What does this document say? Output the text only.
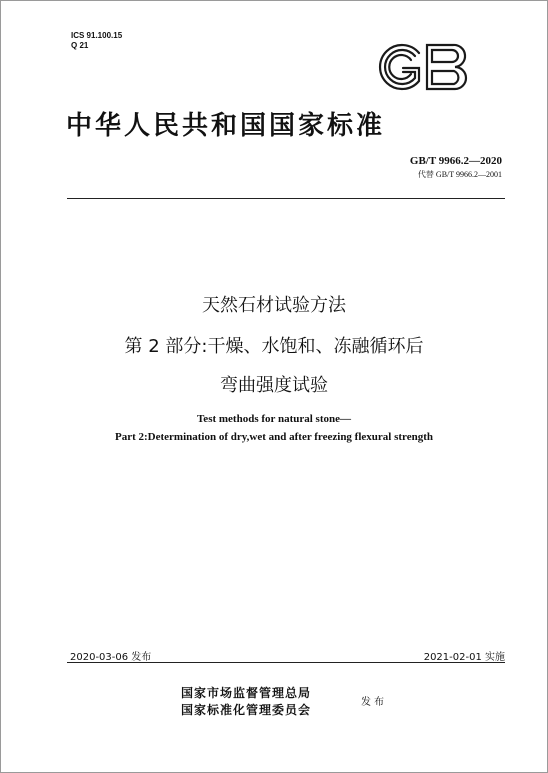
ICS 91.100.15
Q 21
中华人民共和国国家标准
GB/T 9966.2—2020
代替 GB/T 9966.2—2001
天然石材试验方法
第 2 部分:干燥、水饱和、冻融循环后
弯曲强度试验
Test methods for natural stone—
Part 2:Determination of dry,wet and after freezing flexural strength
2020-03-06 发布	2021-02-01 实施
国家市场监督管理总局
国家标准化管理委员会
发布
